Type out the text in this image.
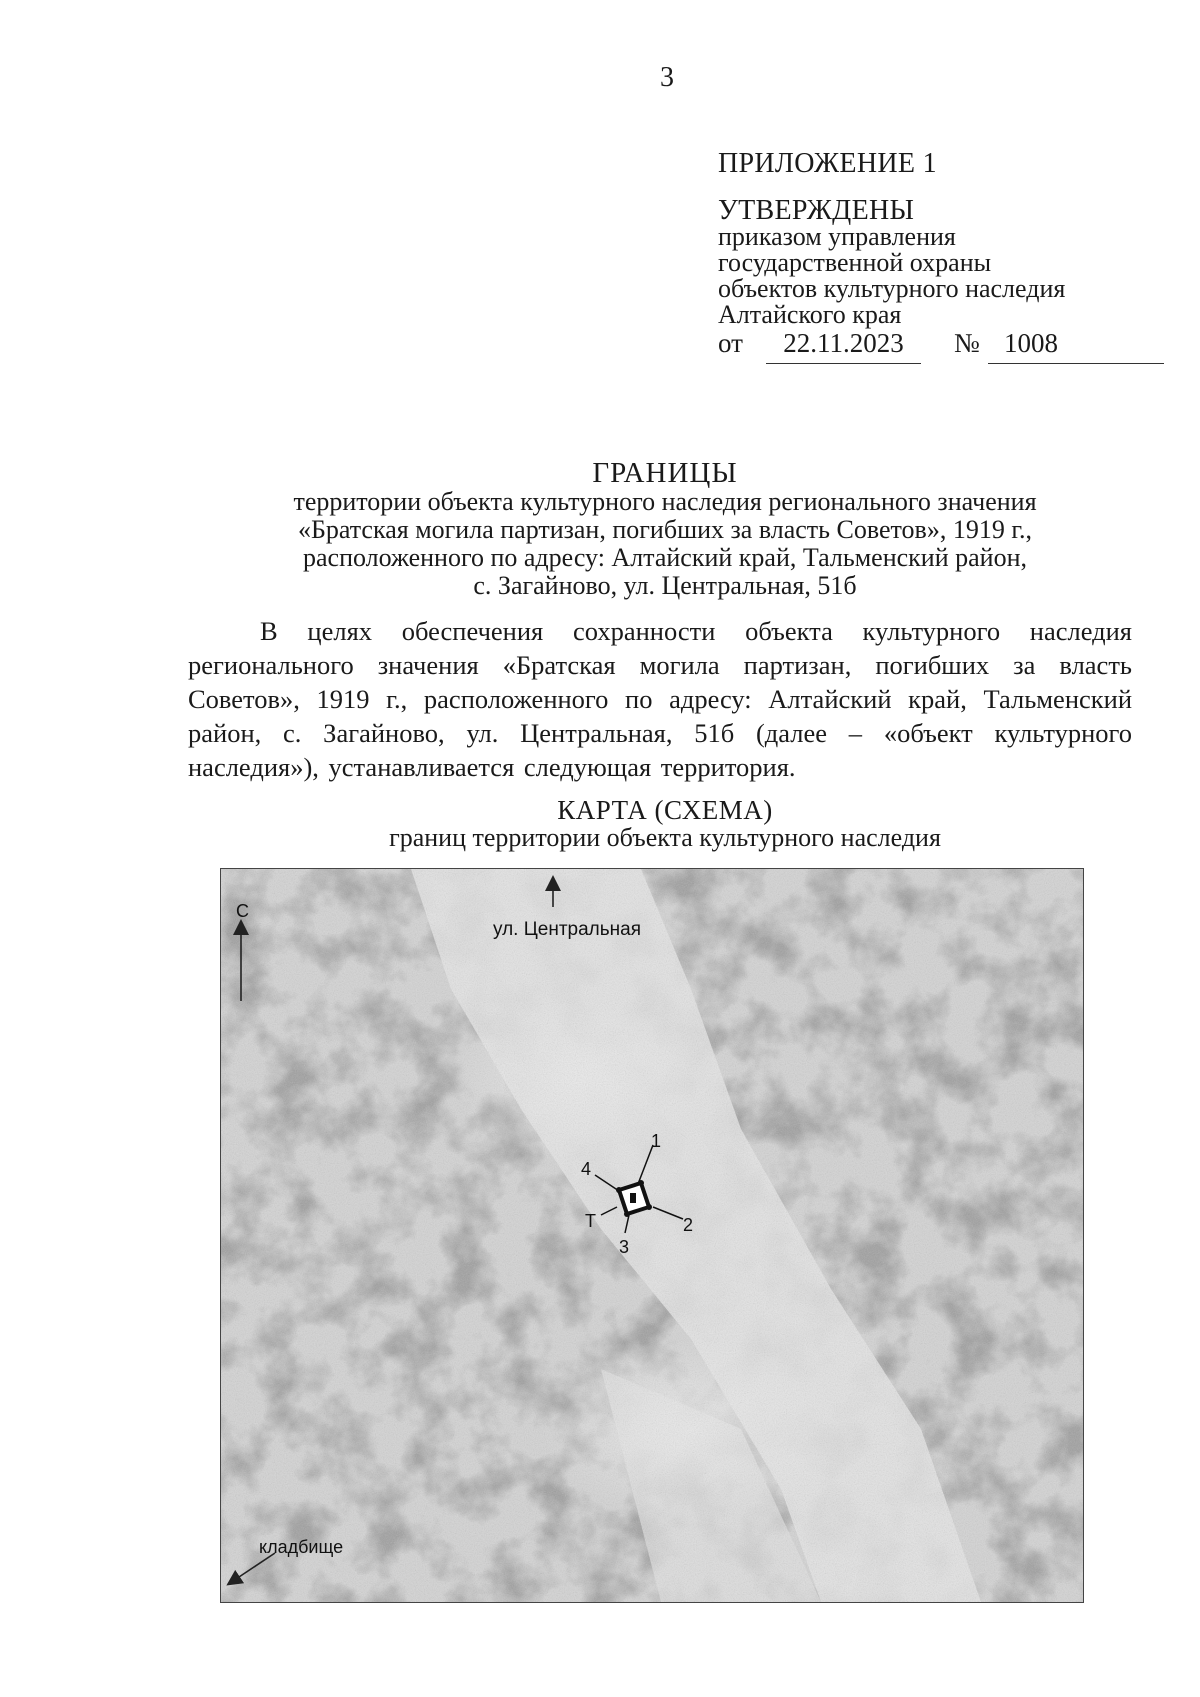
3
ПРИЛОЖЕНИЕ 1
УТВЕРЖДЕНЫ
приказом управления
государственной охраны
объектов культурного наследия
Алтайского края
от	22.11.2023	№ 1008
ГРАНИЦЫ
территории объекта культурного наследия регионального значения
«Братская могила партизан, погибших за власть Советов», 1919 г.,
расположенного по адресу: Алтайский край, Тальменский район,
с. Загайново, ул. Центральная, 51б
В целях обеспечения сохранности объекта культурного наследия регионального значения «Братская могила партизан, погибших за власть Советов», 1919 г., расположенного по адресу: Алтайский край, Тальменский район, с. Загайново, ул. Центральная, 51б (далее – «объект культурного наследия»), устанавливается следующая территория.
КАРТА (СХЕМА)
границ территории объекта культурного наследия
С
ул. Центральная
1
2
3
4
Т
кладбище
